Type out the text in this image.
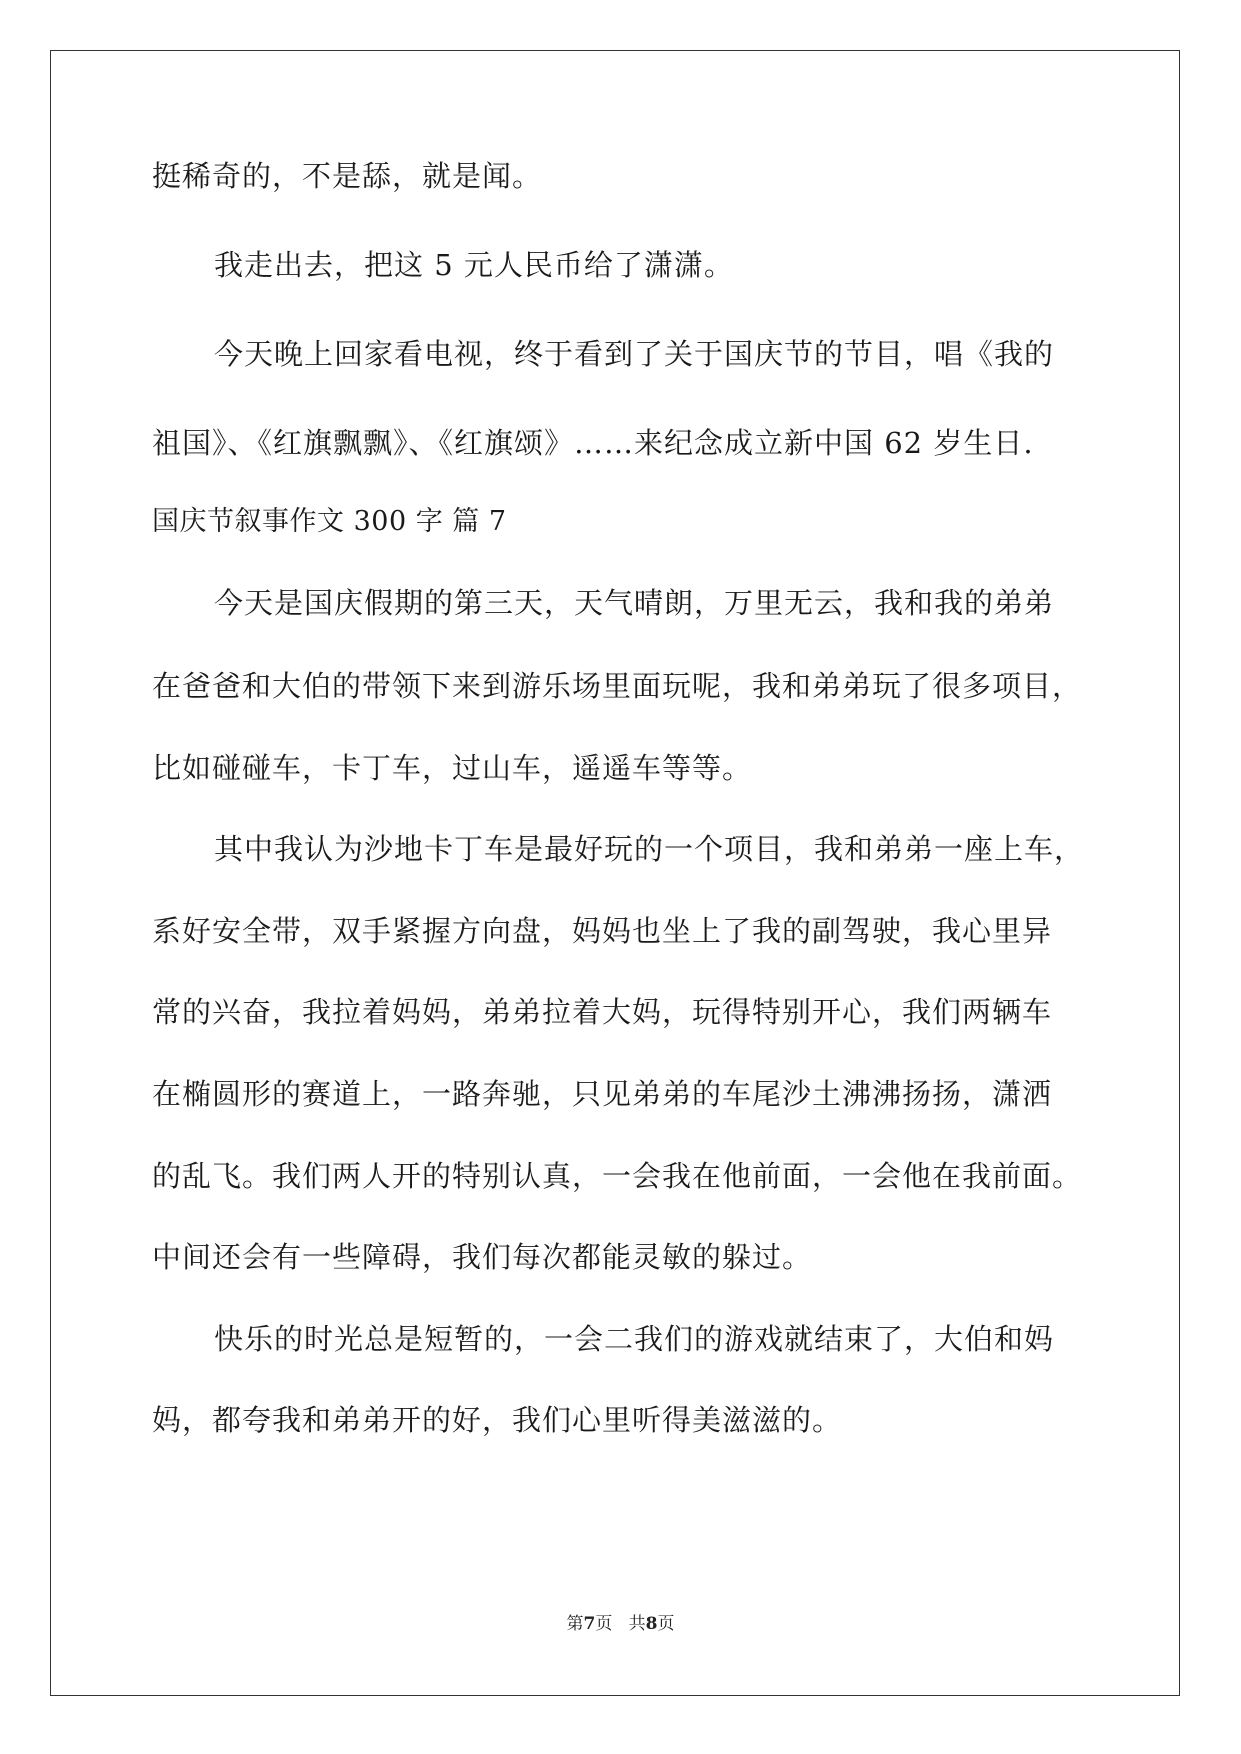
挺稀奇的，不是舔，就是闻。
我走出去，把这 5 元人民币给了潇潇。
今天晚上回家看电视，终于看到了关于国庆节的节目，唱《我的
祖国》、《红旗飘飘》、《红旗颂》……来纪念成立新中国 62 岁生日.
国庆节叙事作文 300 字 篇 7
今天是国庆假期的第三天，天气晴朗，万里无云，我和我的弟弟
在爸爸和大伯的带领下来到游乐场里面玩呢，我和弟弟玩了很多项目，
比如碰碰车，卡丁车，过山车，遥遥车等等。
其中我认为沙地卡丁车是最好玩的一个项目，我和弟弟一座上车，
系好安全带，双手紧握方向盘，妈妈也坐上了我的副驾驶，我心里异
常的兴奋，我拉着妈妈，弟弟拉着大妈，玩得特别开心，我们两辆车
在椭圆形的赛道上，一路奔驰，只见弟弟的车尾沙土沸沸扬扬，潇洒
的乱飞。我们两人开的特别认真，一会我在他前面，一会他在我前面。
中间还会有一些障碍，我们每次都能灵敏的躲过。
快乐的时光总是短暂的，一会二我们的游戏就结束了，大伯和妈
妈，都夸我和弟弟开的好，我们心里听得美滋滋的。
第7页   共8页
